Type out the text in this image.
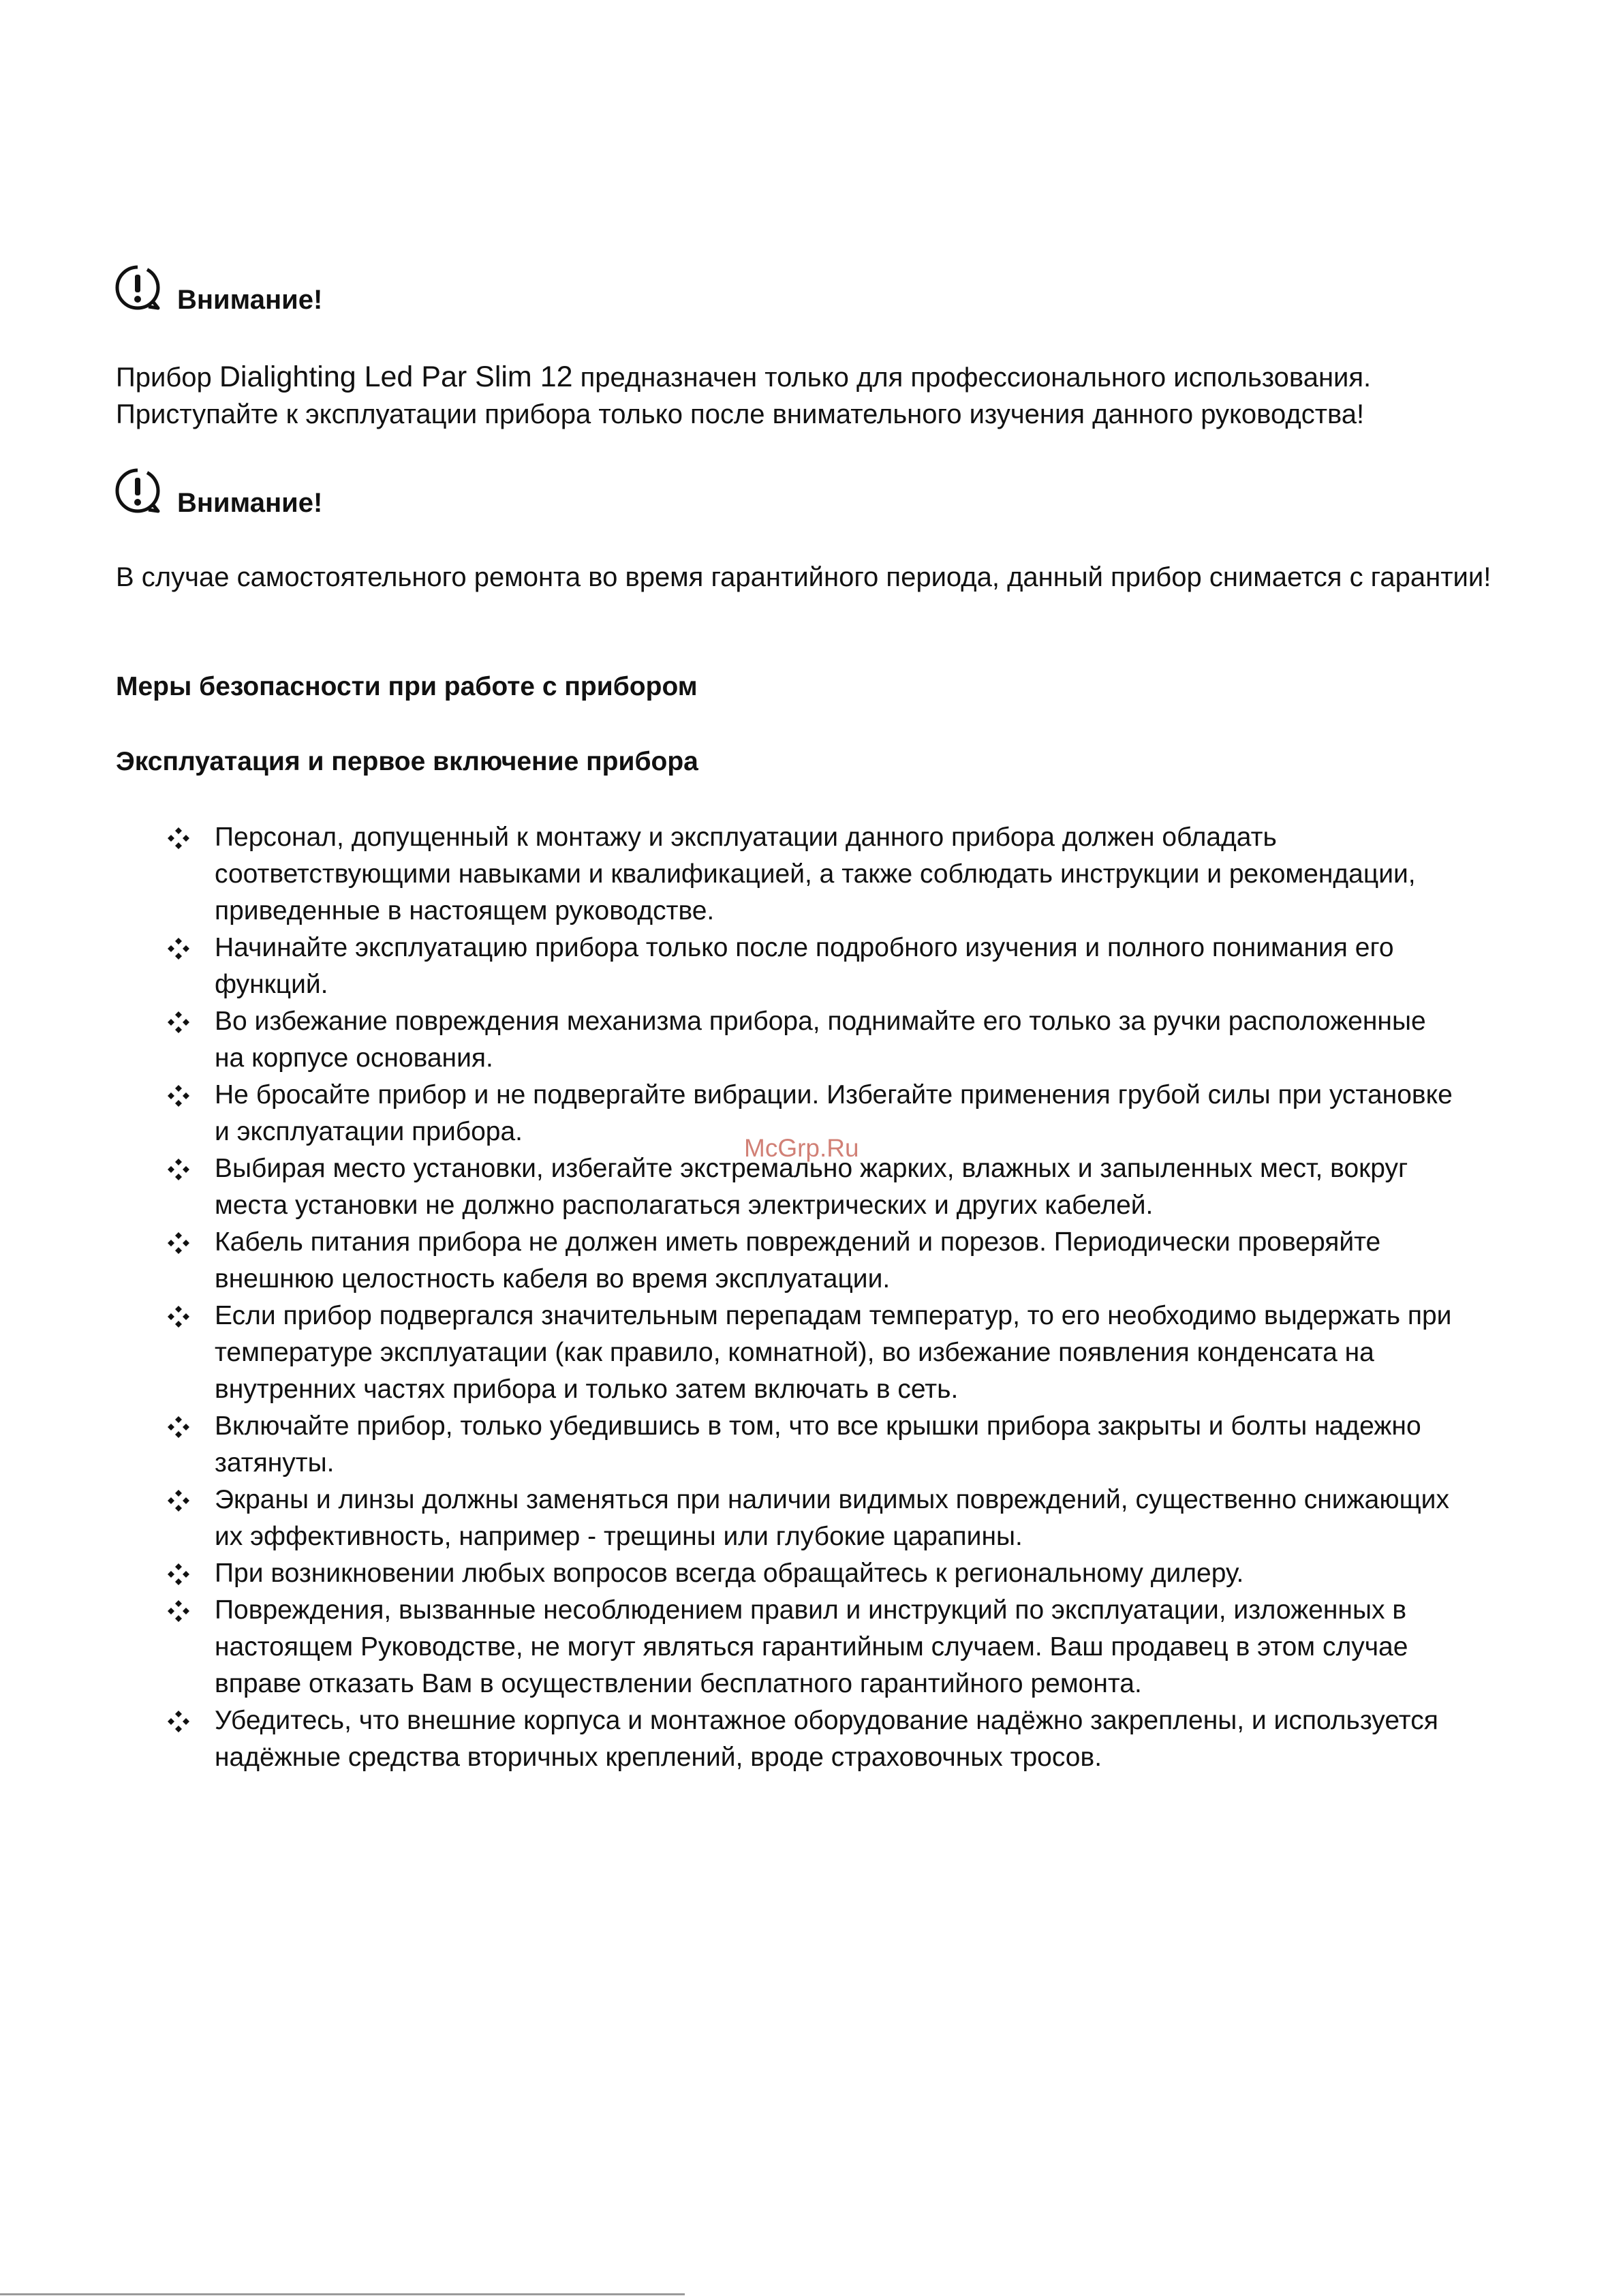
Внимание!
Прибор Dialighting Led Par Slim 12 предназначен только для профессионального использования.
Приступайте к эксплуатации прибора только после внимательного изучения данного руководства!
Внимание!
В случае самостоятельного ремонта во время гарантийного периода, данный прибор снимается с гарантии!
Меры безопасности при работе с прибором
Эксплуатация и первое включение прибора
Персонал, допущенный к монтажу и эксплуатации данного прибора должен обладать
соответствующими навыками и квалификацией, а также соблюдать инструкции и рекомендации,
приведенные в настоящем руководстве.
Начинайте эксплуатацию прибора только после подробного изучения и полного понимания его
функций.
Во избежание повреждения механизма прибора, поднимайте его только за ручки расположенные
на корпусе основания.
Не бросайте прибор и не подвергайте вибрации. Избегайте применения грубой силы при установке
и эксплуатации прибора.
Выбирая место установки, избегайте экстремально жарких, влажных и запыленных мест, вокруг
места установки не должно располагаться электрических и других кабелей.
Кабель питания прибора не должен иметь повреждений и порезов. Периодически проверяйте
внешнюю целостность кабеля во время эксплуатации.
Если прибор подвергался значительным перепадам температур, то его необходимо выдержать при
температуре эксплуатации (как правило, комнатной), во избежание появления конденсата на
внутренних частях прибора и только затем включать в сеть.
Включайте прибор, только убедившись в том, что все крышки прибора закрыты и болты надежно
затянуты.
Экраны и линзы должны заменяться при наличии видимых повреждений, существенно снижающих
их эффективность, например - трещины или глубокие царапины.
При возникновении любых вопросов всегда обращайтесь к региональному дилеру.
Повреждения, вызванные несоблюдением правил и инструкций по эксплуатации, изложенных в
настоящем Руководстве, не могут являться гарантийным случаем. Ваш продавец в этом случае
вправе отказать Вам в осуществлении бесплатного гарантийного ремонта.
Убедитесь, что внешние корпуса и монтажное оборудование надёжно закреплены, и используется
надёжные средства вторичных креплений, вроде страховочных тросов.
McGrp.Ru
